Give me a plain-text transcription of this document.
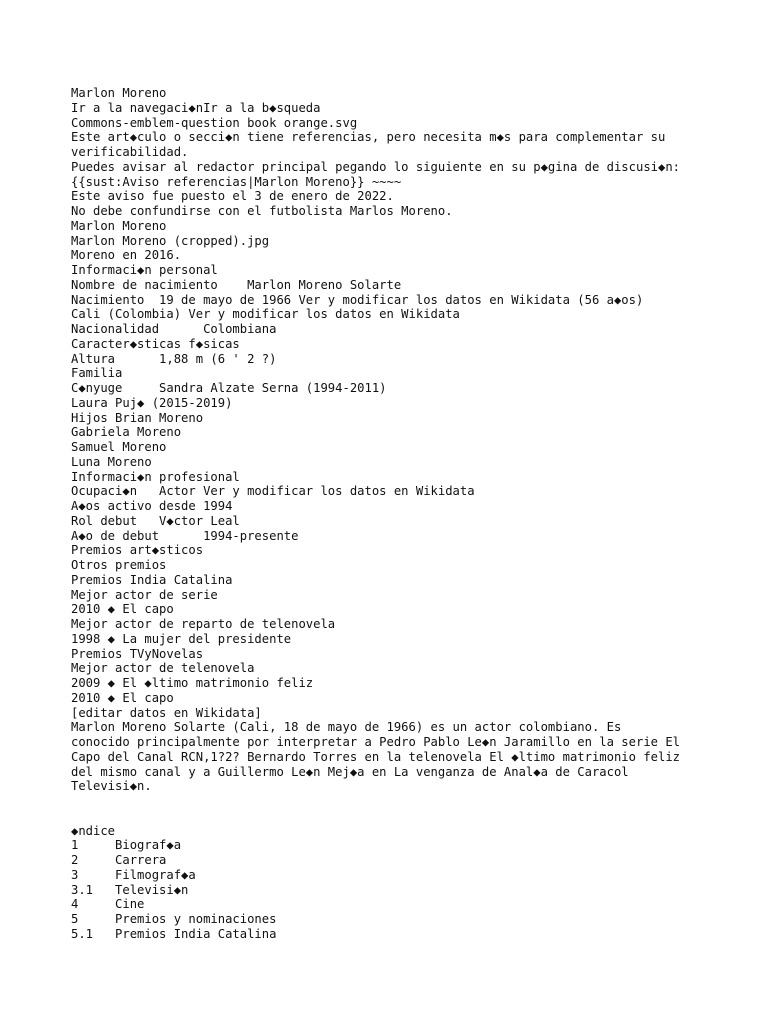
Marlon Moreno
Ir a la navegaci◆nIr a la b◆squeda
Commons-emblem-question book orange.svg
Este art◆culo o secci◆n tiene referencias, pero necesita m◆s para complementar su
verificabilidad.
Puedes avisar al redactor principal pegando lo siguiente en su p◆gina de discusi◆n:
{{sust:Aviso referencias|Marlon Moreno}} ~~~~
Este aviso fue puesto el 3 de enero de 2022.
No debe confundirse con el futbolista Marlos Moreno.
Marlon Moreno
Marlon Moreno (cropped).jpg
Moreno en 2016.
Informaci◆n personal
Nombre de nacimiento    Marlon Moreno Solarte
Nacimiento  19 de mayo de 1966 Ver y modificar los datos en Wikidata (56 a◆os)
Cali (Colombia) Ver y modificar los datos en Wikidata
Nacionalidad      Colombiana
Caracter◆sticas f◆sicas
Altura      1,88 m (6 ' 2 ?)
Familia
C◆nyuge     Sandra Alzate Serna (1994-2011)
Laura Puj◆ (2015-2019)
Hijos Brian Moreno
Gabriela Moreno
Samuel Moreno
Luna Moreno
Informaci◆n profesional
Ocupaci◆n   Actor Ver y modificar los datos en Wikidata
A◆os activo desde 1994
Rol debut   V◆ctor Leal
A◆o de debut      1994-presente
Premios art◆sticos
Otros premios
Premios India Catalina
Mejor actor de serie
2010 ◆ El capo
Mejor actor de reparto de telenovela
1998 ◆ La mujer del presidente
Premios TVyNovelas
Mejor actor de telenovela
2009 ◆ El ◆ltimo matrimonio feliz
2010 ◆ El capo
[editar datos en Wikidata]
Marlon Moreno Solarte (Cali, 18 de mayo de 1966) es un actor colombiano. Es
conocido principalmente por interpretar a Pedro Pablo Le◆n Jaramillo en la serie El
Capo del Canal RCN,1?2? Bernardo Torres en la telenovela El ◆ltimo matrimonio feliz
del mismo canal y a Guillermo Le◆n Mej◆a en La venganza de Anal◆a de Caracol
Televisi◆n.
◆ndice
1     Biograf◆a
2     Carrera
3     Filmograf◆a
3.1   Televisi◆n
4     Cine
5     Premios y nominaciones
5.1   Premios India Catalina
